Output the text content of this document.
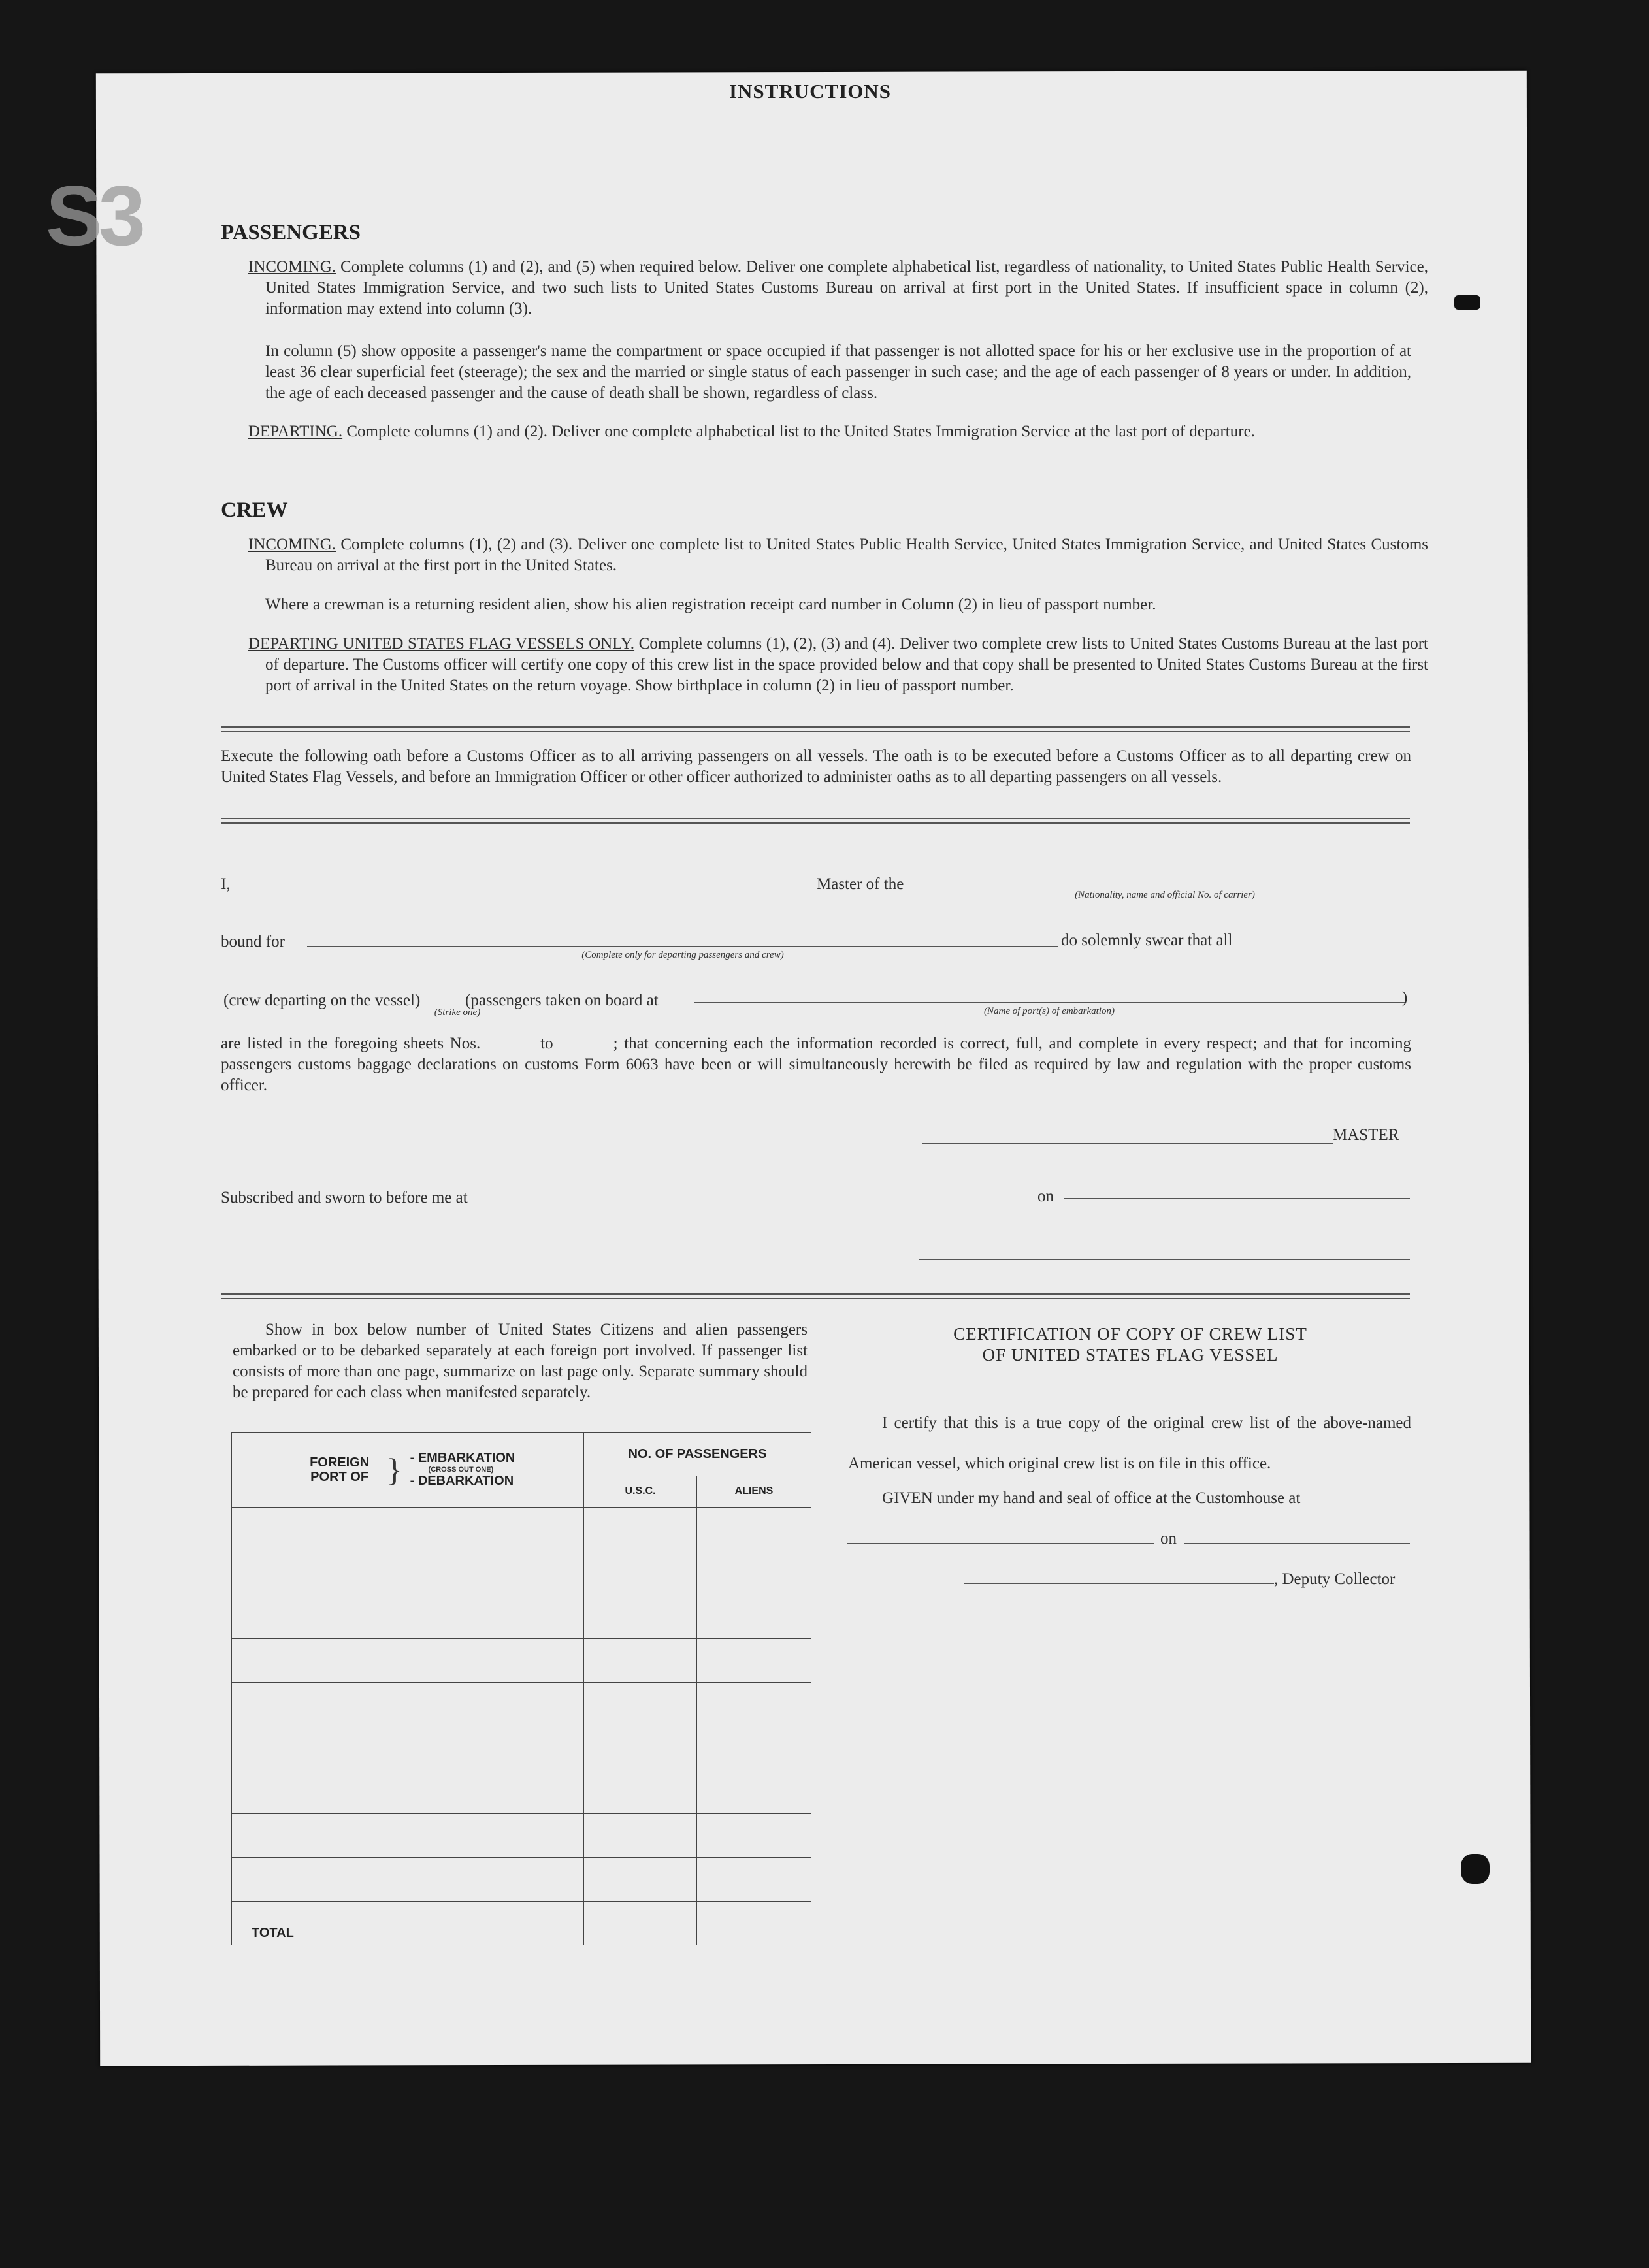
S3
INSTRUCTIONS
PASSENGERS
INCOMING. Complete columns (1) and (2), and (5) when required below. Deliver one complete alphabetical list, regardless of nationality, to United States Public Health Service, United States Immigration Service, and two such lists to United States Customs Bureau on arrival at first port in the United States. If insufficient space in column (2), information may extend into column (3).
In column (5) show opposite a passenger's name the compartment or space occupied if that passenger is not allotted space for his or her exclusive use in the proportion of at least 36 clear superficial feet (steerage); the sex and the married or single status of each passenger in such case; and the age of each passenger of 8 years or under. In addition, the age of each deceased passenger and the cause of death shall be shown, regardless of class.
DEPARTING. Complete columns (1) and (2). Deliver one complete alphabetical list to the United States Immigration Service at the last port of departure.
CREW
INCOMING. Complete columns (1), (2) and (3). Deliver one complete list to United States Public Health Service, United States Immigration Service, and United States Customs Bureau on arrival at the first port in the United States.
Where a crewman is a returning resident alien, show his alien registration receipt card number in Column (2) in lieu of passport number.
DEPARTING UNITED STATES FLAG VESSELS ONLY. Complete columns (1), (2), (3) and (4). Deliver two complete crew lists to United States Customs Bureau at the last port of departure. The Customs officer will certify one copy of this crew list in the space provided below and that copy shall be presented to United States Customs Bureau at the first port of arrival in the United States on the return voyage. Show birthplace in column (2) in lieu of passport number.
Execute the following oath before a Customs Officer as to all arriving passengers on all vessels. The oath is to be executed before a Customs Officer as to all departing crew on United States Flag Vessels, and before an Immigration Officer or other officer authorized to administer oaths as to all departing passengers on all vessels.
I,	Master of the
(Nationality, name and official No. of carrier)
bound for
(Complete only for departing passengers and crew)
do solemnly swear that all
(crew departing on the vessel)
(Strike one)
(passengers taken on board at
(Name of port(s) of embarkation)
)
are listed in the foregoing sheets Nos.	to	; that concerning each the information recorded is correct, full, and complete in every respect; and that for incoming passengers customs baggage declarations on customs Form 6063 have been or will simultaneously herewith be filed as required by law and regulation with the proper customs officer.
MASTER
Subscribed and sworn to before me at	on
Show in box below number of United States Citizens and alien passengers embarked or to be debarked separately at each foreign port involved. If passenger list consists of more than one page, summarize on last page only. Separate summary should be prepared for each class when manifested separately.
FOREIGN PORT OF } - EMBARKATION
(CROSS OUT ONE)
- DEBARKATION	NO. OF PASSENGERS	
	U.S.C.	ALIENS

TOTAL		
CERTIFICATION OF COPY OF CREW LIST
OF UNITED STATES FLAG VESSEL
I certify that this is a true copy of the original crew list of the above-named American vessel, which original crew list is on file in this office.
GIVEN under my hand and seal of office at the Customhouse at
on
, Deputy Collector
